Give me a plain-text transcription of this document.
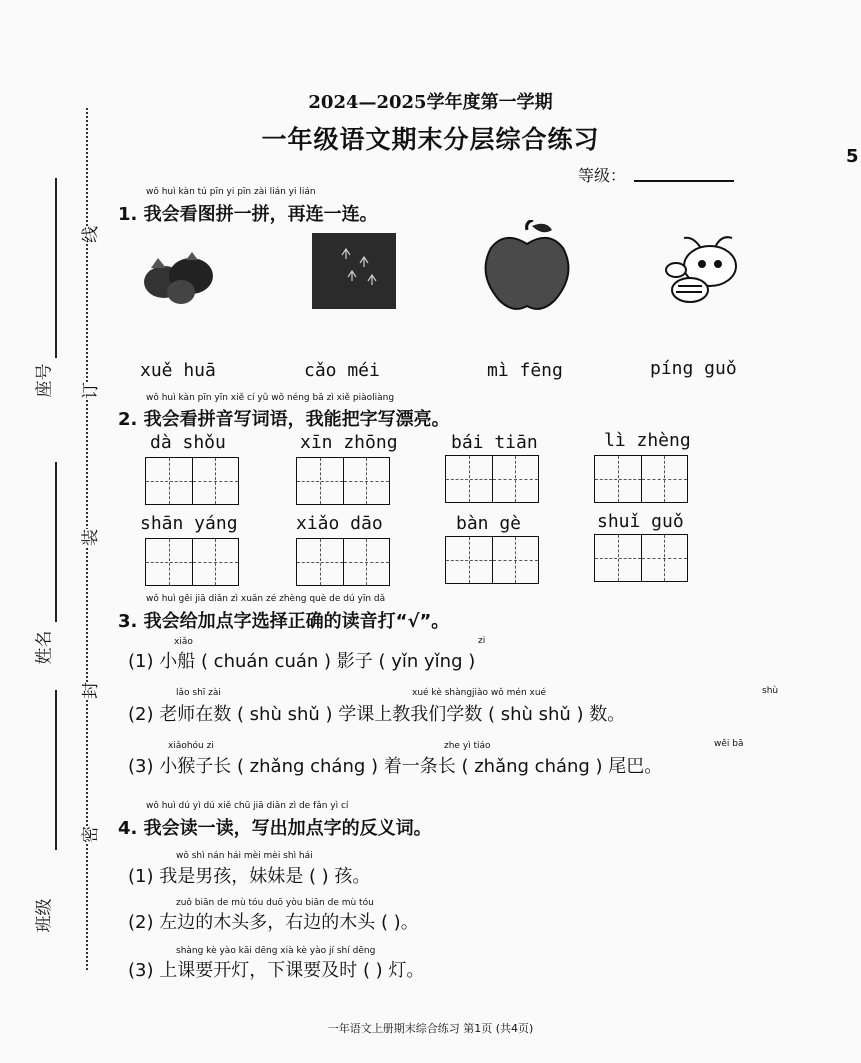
座号
姓名
班级
线
订
装
封
密
5
2024—2025学年度第一学期
一年级语文期末分层综合练习
等级：
wǒ huì kàn tú pīn yi pīn zài lián yi lián
1. 我会看图拼一拼，再连一连。
xuě huā	cǎo méi	mì fēng	píng guǒ
wǒ huì kàn pīn yīn xiě cí yǔ wǒ néng bǎ zì xiě piàoliàng
2. 我会看拼音写词语，我能把字写漂亮。
dà shǒu	xīn zhōng	bái tiān	lì zhèng
shān yáng	xiǎo dāo	bàn gè	shuǐ guǒ
wǒ huì gěi jiā diǎn zì xuǎn zé zhèng què de dú yīn dǎ
3. 我会给加点字选择正确的读音打“√”。
xiǎo	zi
(1) 小船 ( chuán cuán ) 影子 ( yǐn yǐng )
lǎo shī zài	xué kè shàngjiào wǒ mén xué	shù
(2) 老师在数 ( shù shǔ ) 学课上教我们学数 ( shù shǔ ) 数。
xiǎohóu zi	zhe yì tiáo	wěi bā
(3) 小猴子长 ( zhǎng cháng ) 着一条长 ( zhǎng cháng ) 尾巴。
wǒ huì dú yì dú xiě chū jiā diǎn zì de fǎn yì cí
4. 我会读一读，写出加点字的反义词。
wǒ shì nán hái mèi mèi shì hái
(1) 我是男孩，妹妹是 ( ) 孩。
zuǒ biān de mù tóu duō yòu biān de mù tóu
(2) 左边的木头多，右边的木头 ( )。
shàng kè yào kāi dēng xià kè yào jí shí dēng
(3) 上课要开灯，下课要及时 ( ) 灯。
一年语文上册期末综合练习 第1页 (共4页)
